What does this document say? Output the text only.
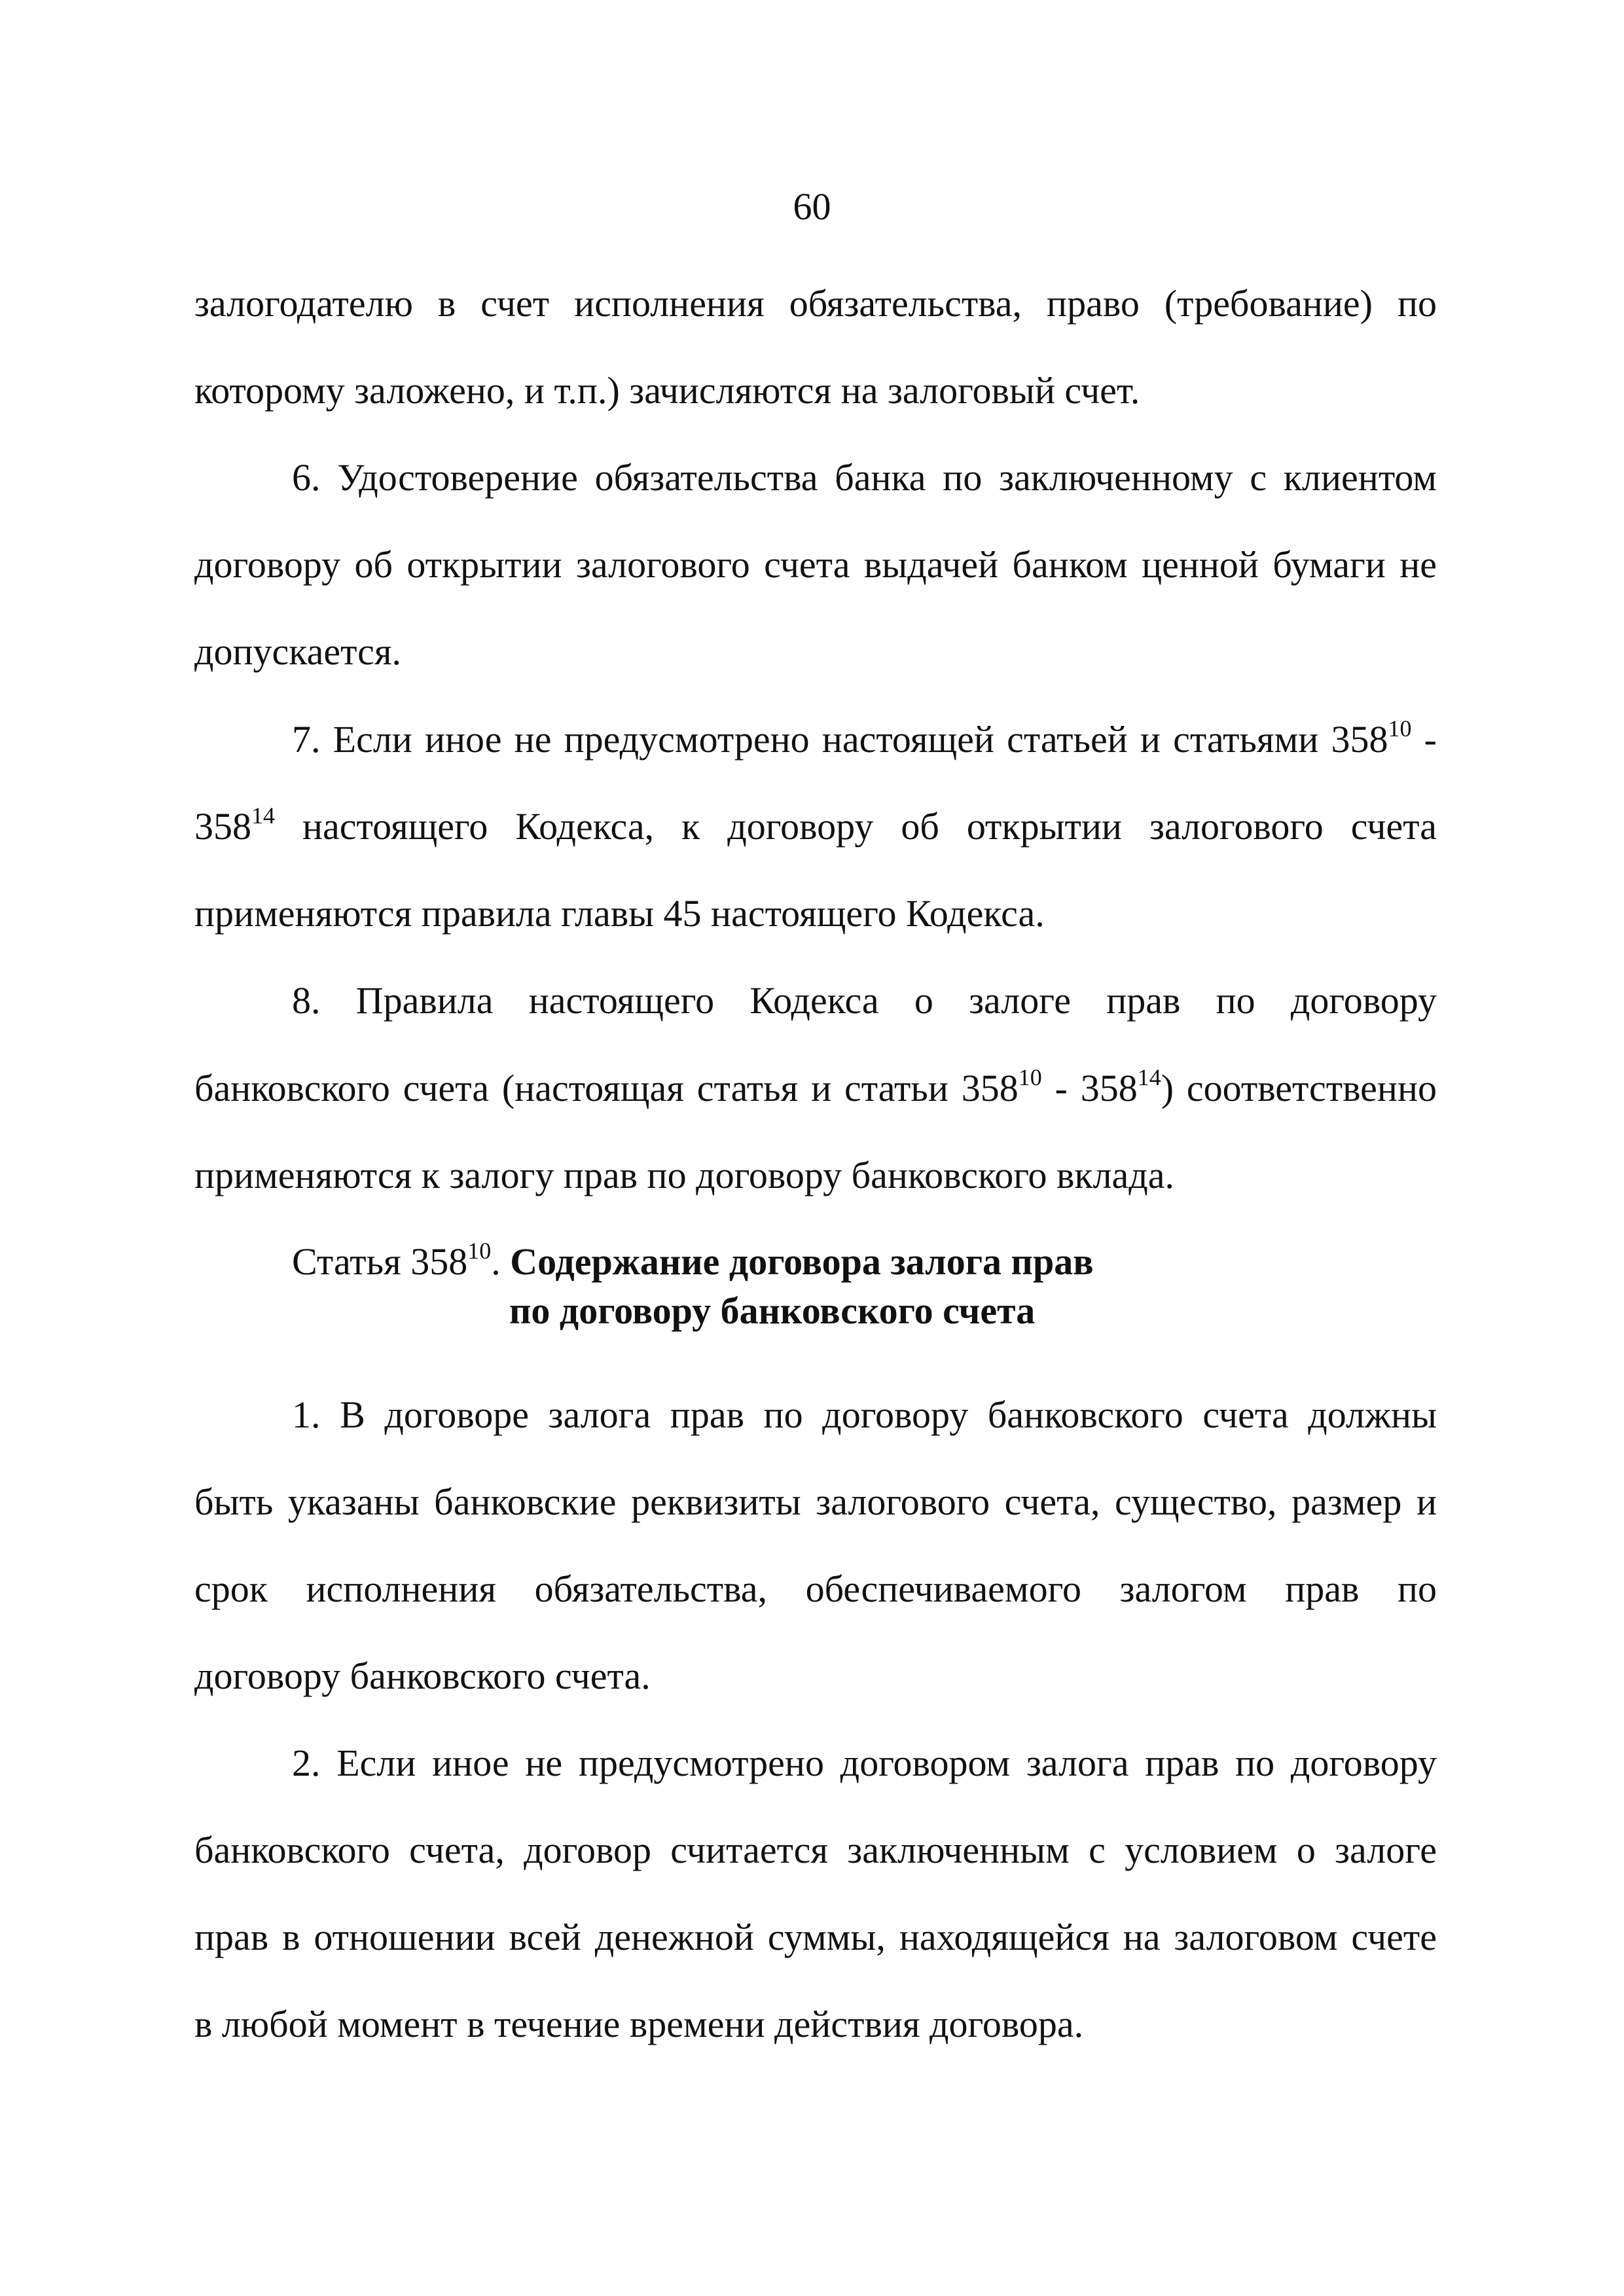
60
залогодателю в счет исполнения обязательства, право (требование) по
которому заложено, и т.п.) зачисляются на залоговый счет.
6. Удостоверение обязательства банка по заключенному с клиентом
договору об открытии залогового счета выдачей банком ценной бумаги не
допускается.
7. Если иное не предусмотрено настоящей статьей и статьями $358^{10}$ -
$358^{14}$ настоящего Кодекса, к договору об открытии залогового счета
применяются правила главы 45 настоящего Кодекса.
8. Правила настоящего Кодекса о залоге прав по договору
банковского счета (настоящая статья и статьи $358^{10} - 358^{14}$) соответственно
применяются к залогу прав по договору банковского вклада.
Статья $358^{10}$. Содержание договора залога прав
по договору банковского счета
1. В договоре залога прав по договору банковского счета должны
быть указаны банковские реквизиты залогового счета, существо, размер и
срок исполнения обязательства, обеспечиваемого залогом прав по
договору банковского счета.
2. Если иное не предусмотрено договором залога прав по договору
банковского счета, договор считается заключенным с условием о залоге
прав в отношении всей денежной суммы, находящейся на залоговом счете
в любой момент в течение времени действия договора.
